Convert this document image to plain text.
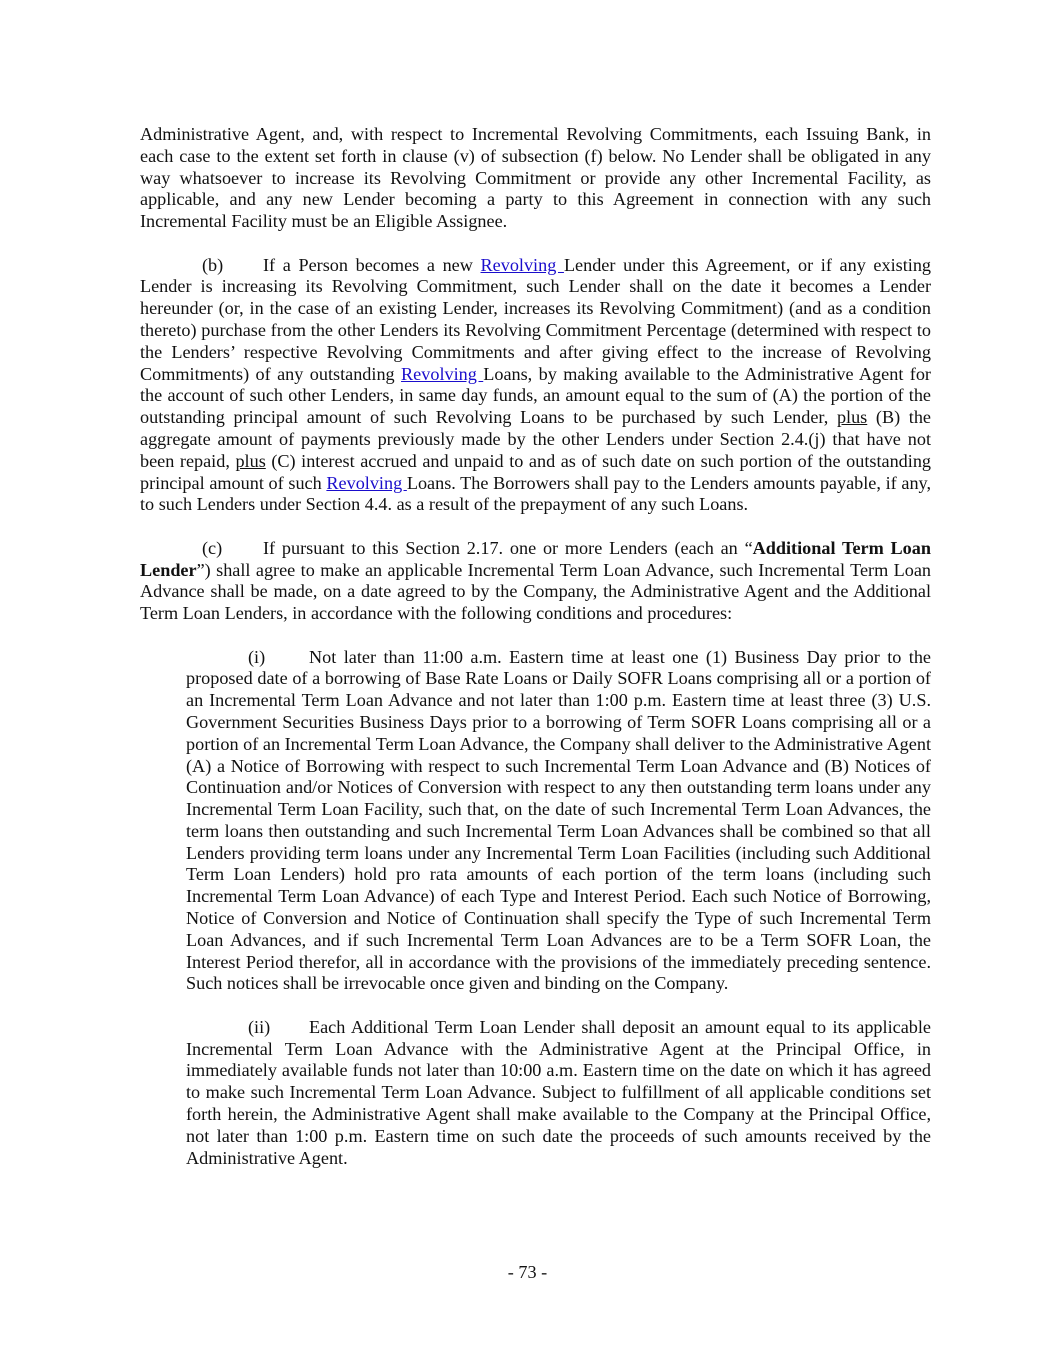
Administrative Agent, and, with respect to Incremental Revolving Commitments, each Issuing Bank, in each case to the extent set forth in clause (v) of subsection (f) below. No Lender shall be obligated in any way whatsoever to increase its Revolving Commitment or provide any other Incremental Facility, as applicable, and any new Lender becoming a party to this Agreement in connection with any such Incremental Facility must be an Eligible Assignee.

(b) If a Person becomes a new Revolving Lender under this Agreement, or if any existing Lender is increasing its Revolving Commitment, such Lender shall on the date it becomes a Lender hereunder (or, in the case of an existing Lender, increases its Revolving Commitment) (and as a condition thereto) purchase from the other Lenders its Revolving Commitment Percentage (determined with respect to the Lenders’ respective Revolving Commitments and after giving effect to the increase of Revolving Commitments) of any outstanding Revolving Loans, by making available to the Administrative Agent for the account of such other Lenders, in same day funds, an amount equal to the sum of (A) the portion of the outstanding principal amount of such Revolving Loans to be purchased by such Lender, plus (B) the aggregate amount of payments previously made by the other Lenders under Section 2.4.(j) that have not been repaid, plus (C) interest accrued and unpaid to and as of such date on such portion of the outstanding principal amount of such Revolving Loans. The Borrowers shall pay to the Lenders amounts payable, if any, to such Lenders under Section 4.4. as a result of the prepayment of any such Loans.

(c) If pursuant to this Section 2.17. one or more Lenders (each an “Additional Term Loan Lender”) shall agree to make an applicable Incremental Term Loan Advance, such Incremental Term Loan Advance shall be made, on a date agreed to by the Company, the Administrative Agent and the Additional Term Loan Lenders, in accordance with the following conditions and procedures:

(i) Not later than 11:00 a.m. Eastern time at least one (1) Business Day prior to the proposed date of a borrowing of Base Rate Loans or Daily SOFR Loans comprising all or a portion of an Incremental Term Loan Advance and not later than 1:00 p.m. Eastern time at least three (3) U.S. Government Securities Business Days prior to a borrowing of Term SOFR Loans comprising all or a portion of an Incremental Term Loan Advance, the Company shall deliver to the Administrative Agent (A) a Notice of Borrowing with respect to such Incremental Term Loan Advance and (B) Notices of Continuation and/or Notices of Conversion with respect to any then outstanding term loans under any Incremental Term Loan Facility, such that, on the date of such Incremental Term Loan Advances, the term loans then outstanding and such Incremental Term Loan Advances shall be combined so that all Lenders providing term loans under any Incremental Term Loan Facilities (including such Additional Term Loan Lenders) hold pro rata amounts of each portion of the term loans (including such Incremental Term Loan Advance) of each Type and Interest Period. Each such Notice of Borrowing, Notice of Conversion and Notice of Continuation shall specify the Type of such Incremental Term Loan Advances, and if such Incremental Term Loan Advances are to be a Term SOFR Loan, the Interest Period therefor, all in accordance with the provisions of the immediately preceding sentence. Such notices shall be irrevocable once given and binding on the Company.

(ii) Each Additional Term Loan Lender shall deposit an amount equal to its applicable Incremental Term Loan Advance with the Administrative Agent at the Principal Office, in immediately available funds not later than 10:00 a.m. Eastern time on the date on which it has agreed to make such Incremental Term Loan Advance. Subject to fulfillment of all applicable conditions set forth herein, the Administrative Agent shall make available to the Company at the Principal Office, not later than 1:00 p.m. Eastern time on such date the proceeds of such amounts received by the Administrative Agent.

- 73 -
